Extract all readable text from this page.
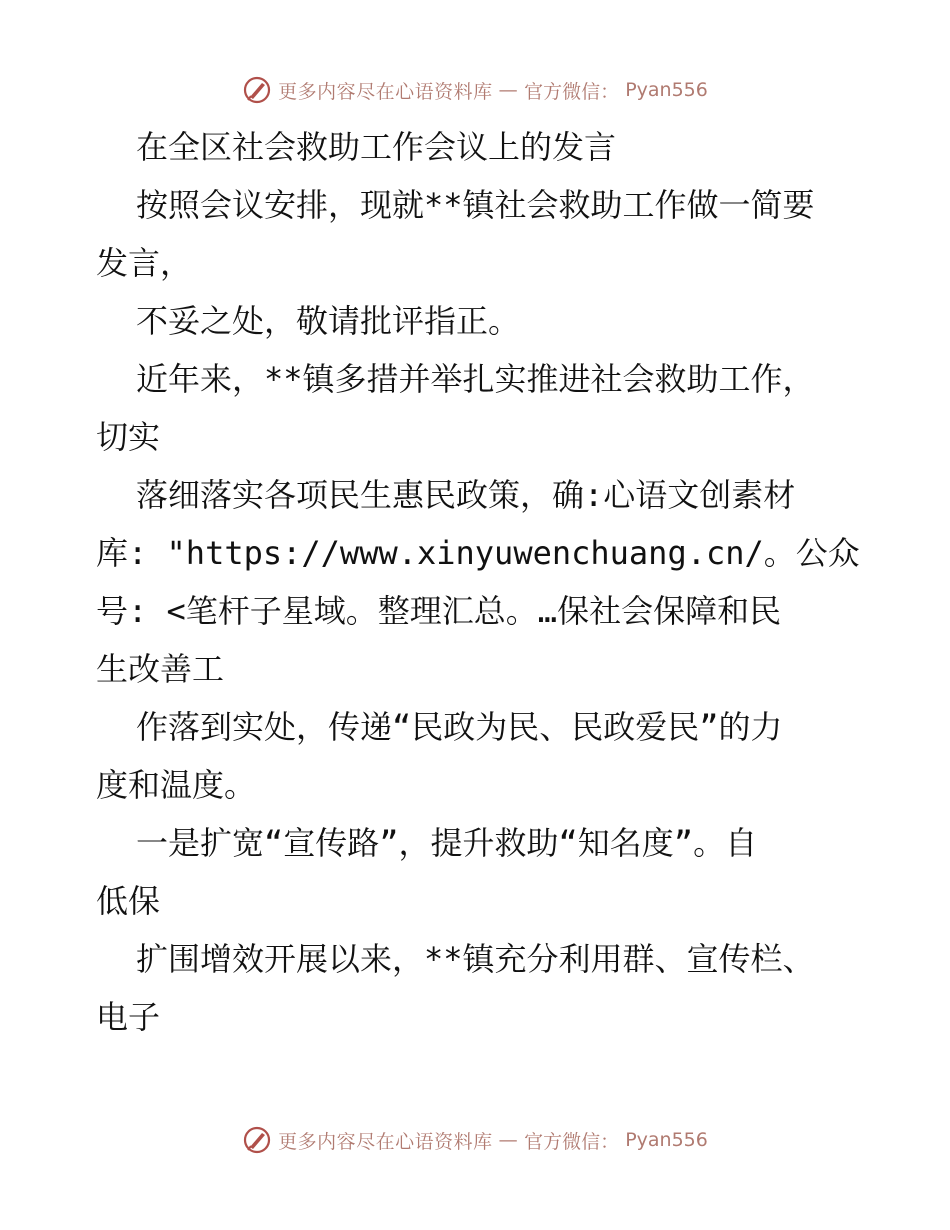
更多内容尽在心语资料库 — 官方微信： Pyan556
在全区社会救助工作会议上的发言
按照会议安排，现就**镇社会救助工作做一简要
发言，
不妥之处，敬请批评指正。
近年来，**镇多措并举扎实推进社会救助工作，
切实
落细落实各项民生惠民政策，确:心语文创素材
库: "https://www.xinyuwenchuang.cn/。公众
号: <笔杆子星域。整理汇总。…保社会保障和民
生改善工
作落到实处，传递“民政为民、民政爱民”的力
度和温度。
一是扩宽“宣传路”，提升救助“知名度”。自
低保
扩围增效开展以来，**镇充分利用群、宣传栏、
电子
更多内容尽在心语资料库 — 官方微信： Pyan556
